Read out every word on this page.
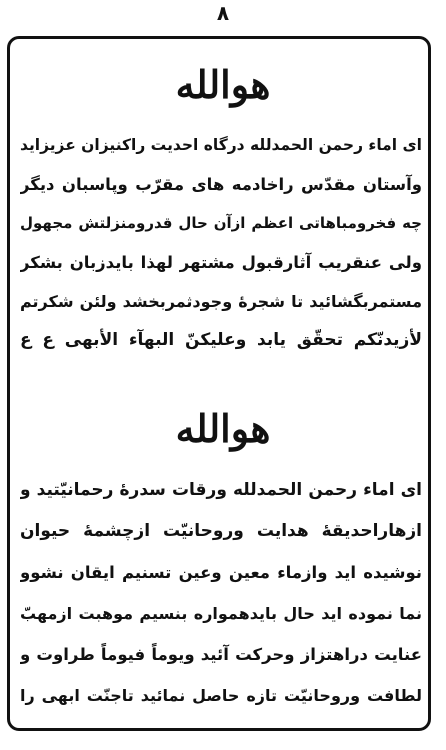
٨
هوالله
ای اماء رحمن الحمدلله درگاه احدیت راکنیزان عزیزاید
وآستان مقدّس راخادمه های مقرّب وپاسبان دیگر
چه فخرومباهاتی اعظم ازآن حال قدرومنزلتش مجهول
ولی عنقریب آثارقبول مشتهر لهذا بایدزبان بشکر
مستمربگشائید تا شجرهٔ وجودثمربخشد ولئن شکرتم
لأزیدنّکم تحقّق یابد وعلیکنّ البهآء الأبهی ع ع
هوالله
ای اماء رحمن الحمدلله ورقات سدرهٔ رحمانیّتید و
ازهاراحدیقهٔ هدایت وروحانیّت ازچشمهٔ حیوان
نوشیده اید وازماء معین وعین تسنیم ایقان نشوو
نما نموده اید حال بایدهمواره بنسیم موهبت ازمهبّ
عنایت دراهتزاز وحرکت آئید ویوماً فیوماً طراوت و
لطافت وروحانیّت تازه حاصل نمائید تاجنّت ابهی را
